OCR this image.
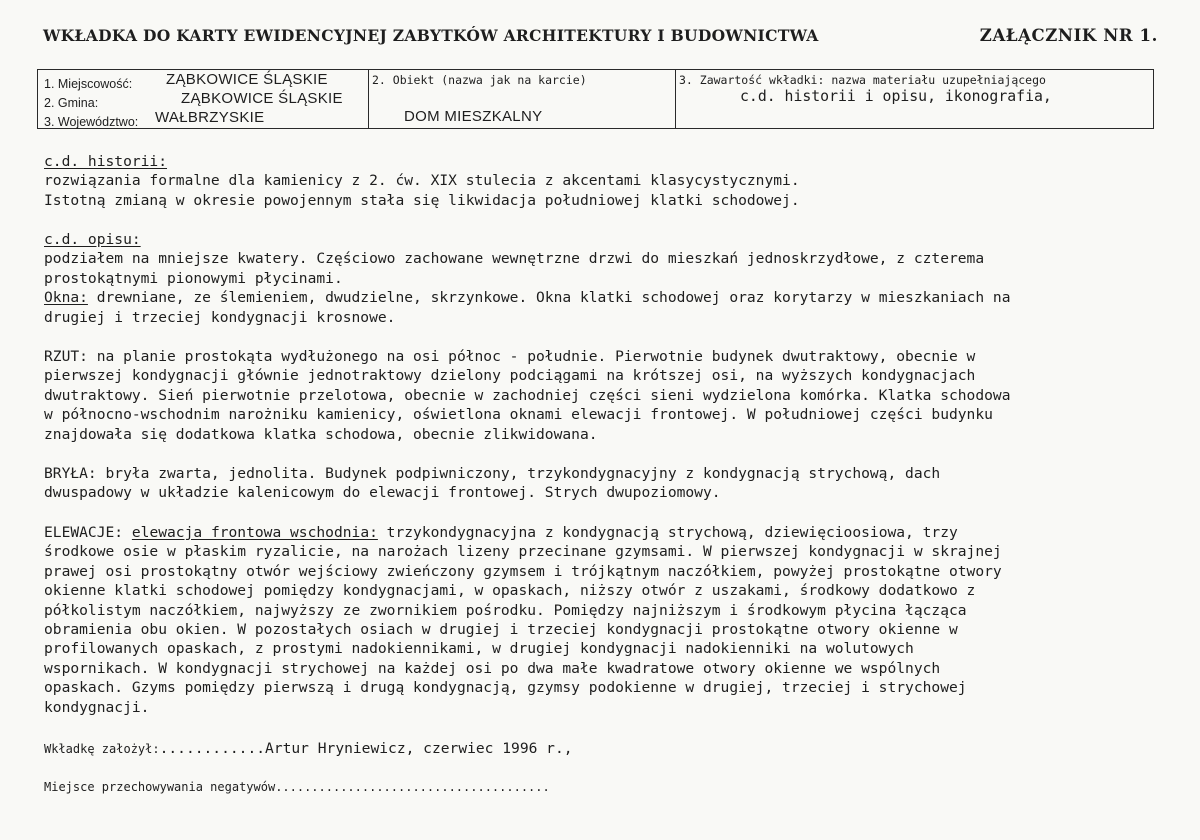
WKŁADKA DO KARTY EWIDENCYJNEJ ZABYTKÓW ARCHITEKTURY I BUDOWNICTWA	ZAŁĄCZNIK NR 1.
1. Miejscowość: ZĄBKOWICE ŚLĄSKIE
2. Gmina:	ZĄBKOWICE ŚLĄSKIE
3. Województwo: WAŁBRZYSKIE
2. Obiekt (nazwa jak na karcie)
DOM MIESZKALNY
3. Zawartość wkładki: nazwa materiału uzupełniającego
c.d. historii i opisu, ikonografia,
c.d. historii:
rozwiązania formalne dla kamienicy z 2. ćw. XIX stulecia z akcentami klasycystycznymi.
Istotną zmianą w okresie powojennym stała się likwidacja południowej klatki schodowej.
c.d. opisu:
podziałem na mniejsze kwatery. Częściowo zachowane wewnętrzne drzwi do mieszkań jednoskrzydłowe, z czterema
prostokątnymi pionowymi płycinami.
Okna: drewniane, ze ślemieniem, dwudzielne, skrzynkowe. Okna klatki schodowej oraz korytarzy w mieszkaniach na
drugiej i trzeciej kondygnacji krosnowe.
RZUT: na planie prostokąta wydłużonego na osi północ - południe. Pierwotnie budynek dwutraktowy, obecnie w
pierwszej kondygnacji głównie jednotraktowy dzielony podciągami na krótszej osi, na wyższych kondygnacjach
dwutraktowy. Sień pierwotnie przelotowa, obecnie w zachodniej części sieni wydzielona komórka. Klatka schodowa
w północno-wschodnim narożniku kamienicy, oświetlona oknami elewacji frontowej. W południowej części budynku
znajdowała się dodatkowa klatka schodowa, obecnie zlikwidowana.
BRYŁA: bryła zwarta, jednolita. Budynek podpiwniczony, trzykondygnacyjny z kondygnacją strychową, dach
dwuspadowy w układzie kalenicowym do elewacji frontowej. Strych dwupoziomowy.
ELEWACJE: elewacja frontowa wschodnia: trzykondygnacyjna z kondygnacją strychową, dziewięcioosiowa, trzy
środkowe osie w płaskim ryzalicie, na narożach lizeny przecinane gzymsami. W pierwszej kondygnacji w skrajnej
prawej osi prostokątny otwór wejściowy zwieńczony gzymsem i trójkątnym naczółkiem, powyżej prostokątne otwory
okienne klatki schodowej pomiędzy kondygnacjami, w opaskach, niższy otwór z uszakami, środkowy dodatkowo z
półkolistym naczółkiem, najwyższy ze zwornikiem pośrodku. Pomiędzy najniższym i środkowym płycina łącząca
obramienia obu okien. W pozostałych osiach w drugiej i trzeciej kondygnacji prostokątne otwory okienne w
profilowanych opaskach, z prostymi nadokiennikami, w drugiej kondygnacji nadokienniki na wolutowych
wspornikach. W kondygnacji strychowej na każdej osi po dwa małe kwadratowe otwory okienne we wspólnych
opaskach. Gzyms pomiędzy pierwszą i drugą kondygnacją, gzymsy podokienne w drugiej, trzeciej i strychowej
kondygnacji.
Wkładkę założył:............Artur Hryniewicz, czerwiec 1996 r.,
Miejsce przechowywania negatywów......................................
